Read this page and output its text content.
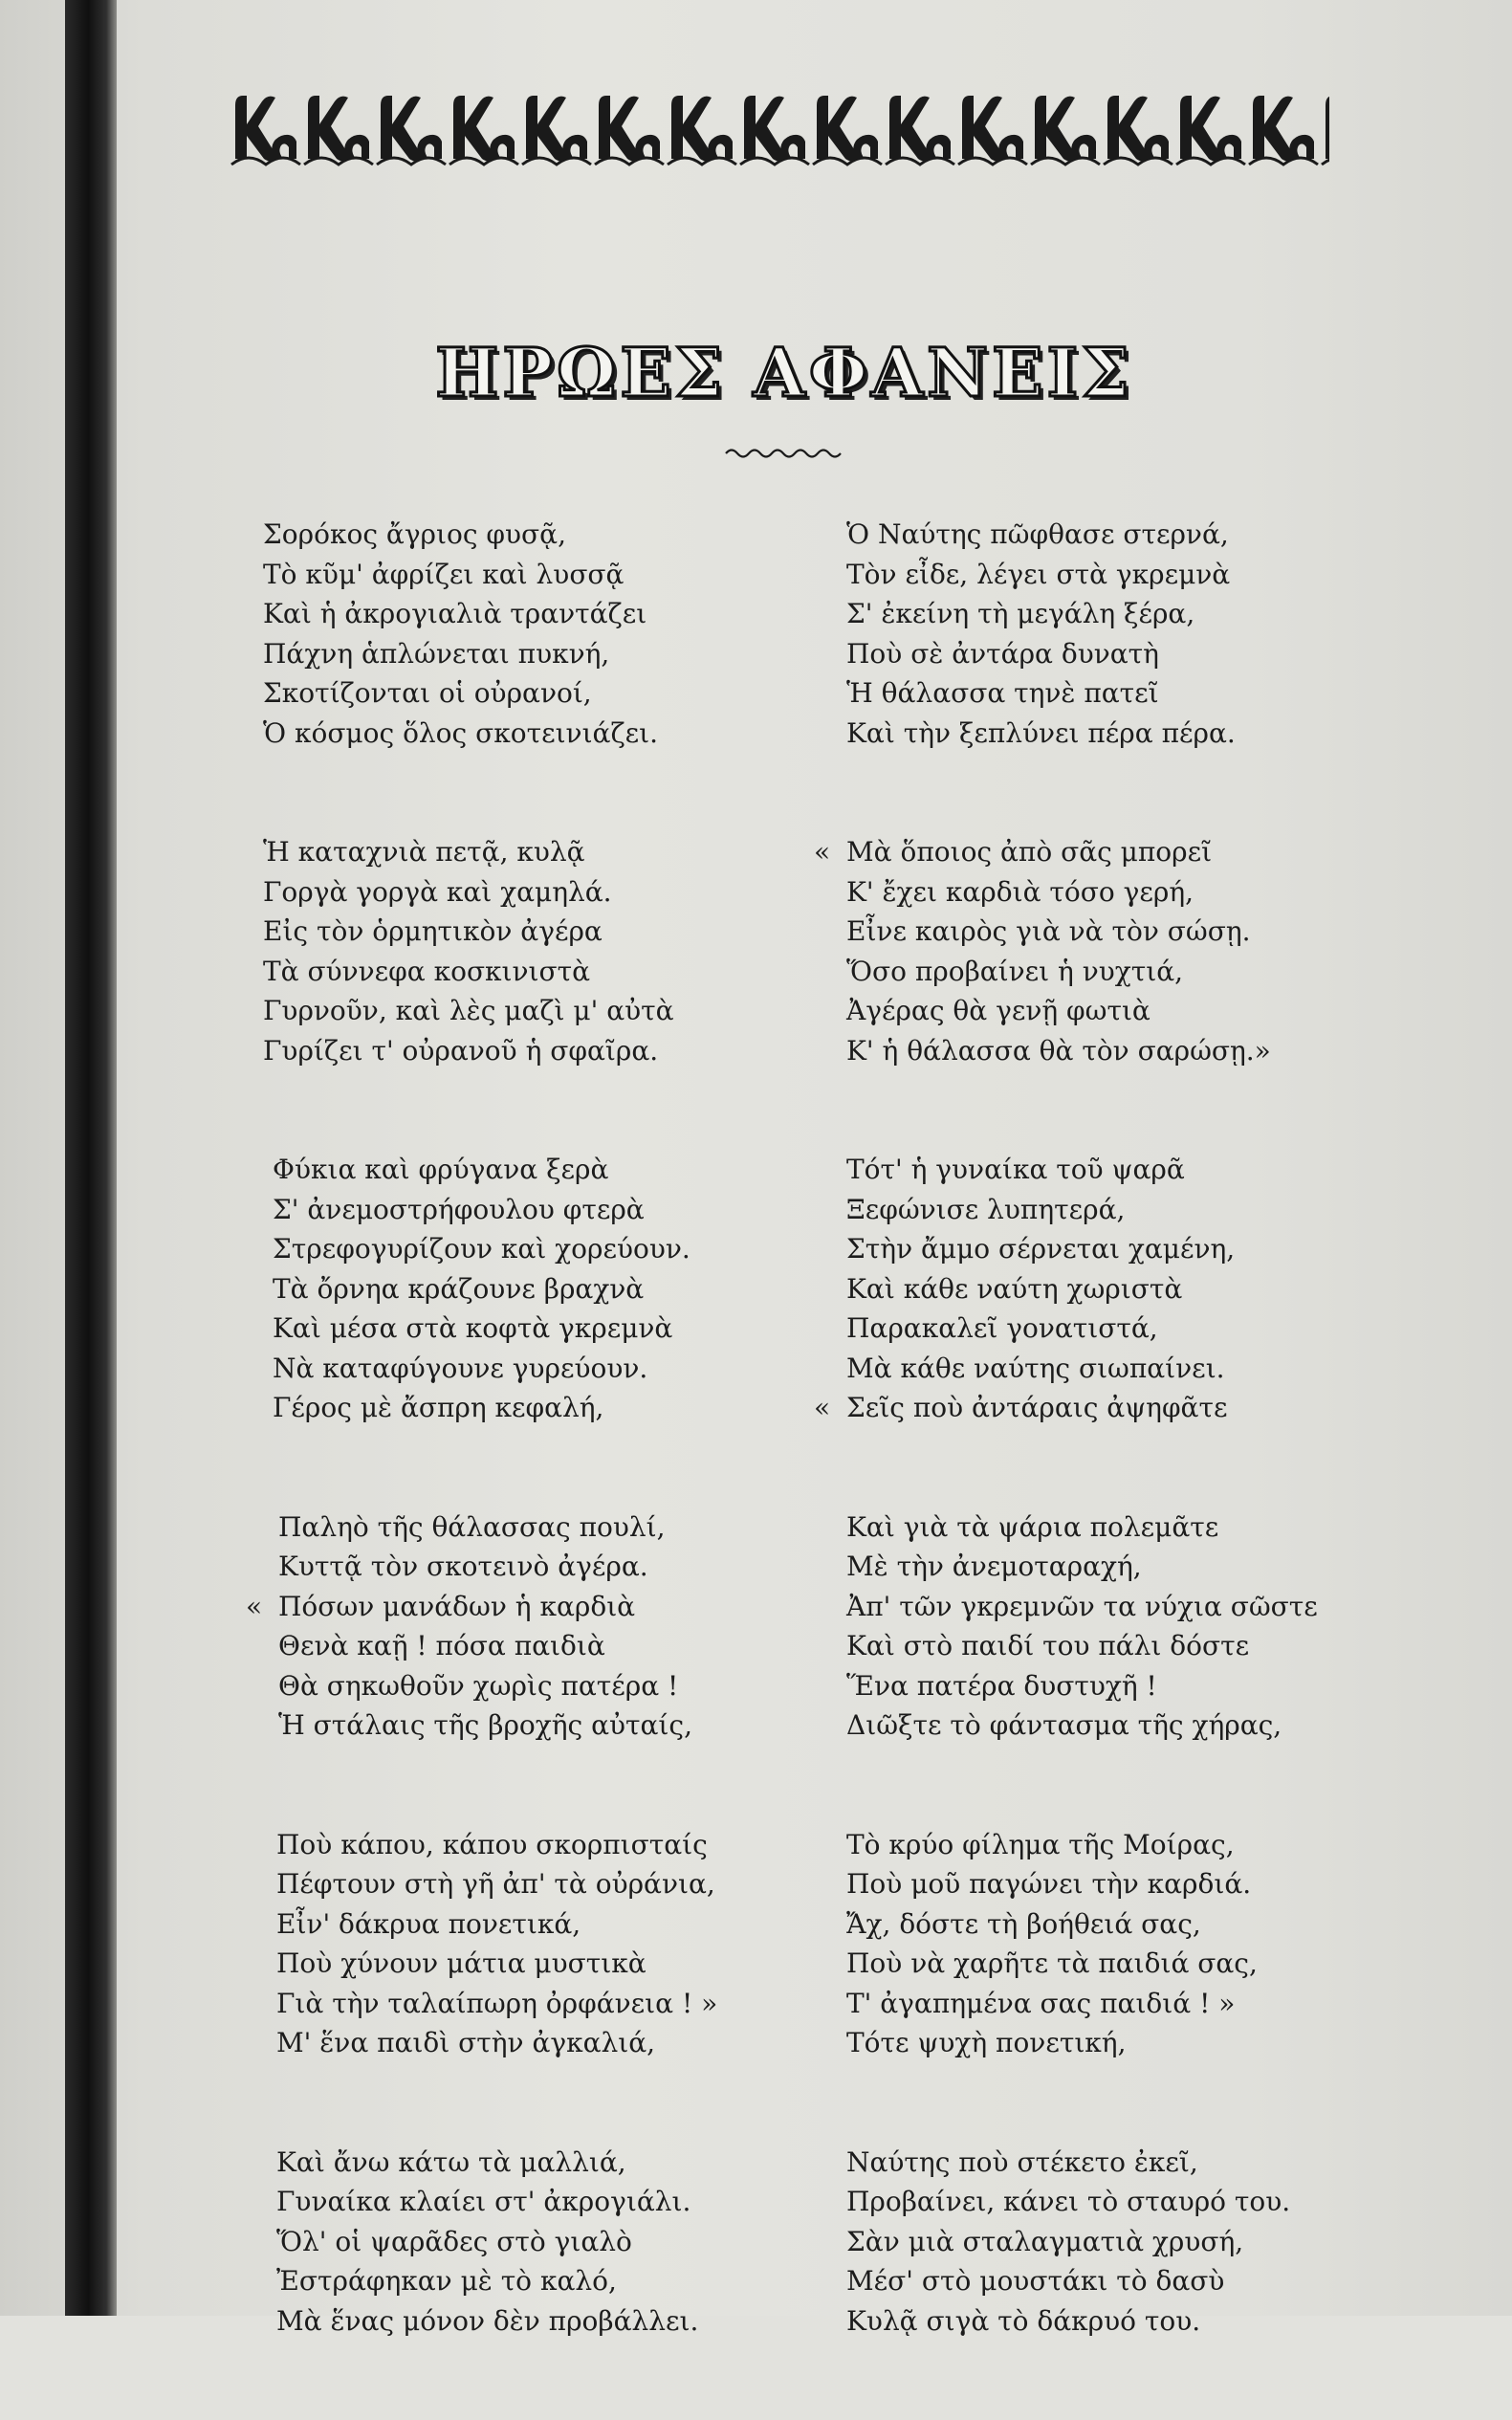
ΗΡΩΕΣ ΑΦΑΝΕΙΣ
Σορόκος ἄγριος φυσᾷ,
Τὸ κῦμ' ἀφρίζει καὶ λυσσᾷ
Καὶ ἡ ἀκρογιαλιὰ τραντάζει
Πάχνη ἁπλώνεται πυκνή,
Σκοτίζονται οἱ οὐρανοί,
Ὁ κόσμος ὅλος σκοτεινιάζει.
Ἡ καταχνιὰ πετᾷ, κυλᾷ
Γοργὰ γοργὰ καὶ χαμηλά.
Εἰς τὸν ὁρμητικὸν ἀγέρα
Τὰ σύννεφα κοσκινιστὰ
Γυρνοῦν, καὶ λὲς μαζὶ μ' αὐτὰ
Γυρίζει τ' οὐρανοῦ ἡ σφαῖρα.
Φύκια καὶ φρύγανα ξερὰ
Σ' ἀνεμοστρήφουλου φτερὰ
Στρεφογυρίζουν καὶ χορεύουν.
Τὰ ὄρνηα κράζουνε βραχνὰ
Καὶ μέσα στὰ κοφτὰ γκρεμνὰ
Νὰ καταφύγουνε γυρεύουν.
Γέρος μὲ ἄσπρη κεφαλή,
Παληὸ τῆς θάλασσας πουλί,
Κυττᾷ τὸν σκοτεινὸ ἀγέρα.
« Πόσων μανάδων ἡ καρδιὰ
Θενὰ καῇ ! πόσα παιδιὰ
Θὰ σηκωθοῦν χωρὶς πατέρα !
Ἡ στάλαις τῆς βροχῆς αὐταίς,
Ποὺ κάπου, κάπου σκορπισταίς
Πέφτουν στὴ γῆ ἀπ' τὰ οὐράνια,
Εἶν' δάκρυα πονετικά,
Ποὺ χύνουν μάτια μυστικὰ
Γιὰ τὴν ταλαίπωρη ὀρφάνεια ! »
Μ' ἕνα παιδὶ στὴν ἀγκαλιά,
Καὶ ἄνω κάτω τὰ μαλλιά,
Γυναίκα κλαίει στ' ἀκρογιάλι.
Ὅλ' οἱ ψαρᾶδες στὸ γιαλὸ
Ἐστράφηκαν μὲ τὸ καλό,
Μὰ ἕνας μόνον δὲν προβάλλει.
Ὁ Ναύτης πῶφθασε στερνά,
Τὸν εἶδε, λέγει στὰ γκρεμνὰ
Σ' ἐκείνη τὴ μεγάλη ξέρα,
Ποὺ σὲ ἀντάρα δυνατὴ
Ἡ θάλασσα τηνὲ πατεῖ
Καὶ τὴν ξεπλύνει πέρα πέρα.
« Μὰ ὅποιος ἀπὸ σᾶς μπορεῖ
Κ' ἔχει καρδιὰ τόσο γερή,
Εἶνε καιρὸς γιὰ νὰ τὸν σώσῃ.
Ὅσο προβαίνει ἡ νυχτιά,
Ἀγέρας θὰ γενῇ φωτιὰ
Κ' ἡ θάλασσα θὰ τὸν σαρώσῃ.»
Τότ' ἡ γυναίκα τοῦ ψαρᾶ
Ξεφώνισε λυπητερά,
Στὴν ἄμμο σέρνεται χαμένη,
Καὶ κάθε ναύτη χωριστὰ
Παρακαλεῖ γονατιστά,
Μὰ κάθε ναύτης σιωπαίνει.
« Σεῖς ποὺ ἀντάραις ἀψηφᾶτε
Καὶ γιὰ τὰ ψάρια πολεμᾶτε
Μὲ τὴν ἀνεμοταραχή,
Ἀπ' τῶν γκρεμνῶν τα νύχια σῶστε
Καὶ στὸ παιδί του πάλι δόστε
Ἕνα πατέρα δυστυχῆ !
Διῶξτε τὸ φάντασμα τῆς χήρας,
Τὸ κρύο φίλημα τῆς Μοίρας,
Ποὺ μοῦ παγώνει τὴν καρδιά.
Ἄχ, δόστε τὴ βοήθειά σας,
Ποὺ νὰ χαρῆτε τὰ παιδιά σας,
Τ' ἀγαπημένα σας παιδιά ! »
Τότε ψυχὴ πονετική,
Ναύτης ποὺ στέκετο ἐκεῖ,
Προβαίνει, κάνει τὸ σταυρό του.
Σὰν μιὰ σταλαγματιὰ χρυσή,
Μέσ' στὸ μουστάκι τὸ δασὺ
Κυλᾷ σιγὰ τὸ δάκρυό του.
